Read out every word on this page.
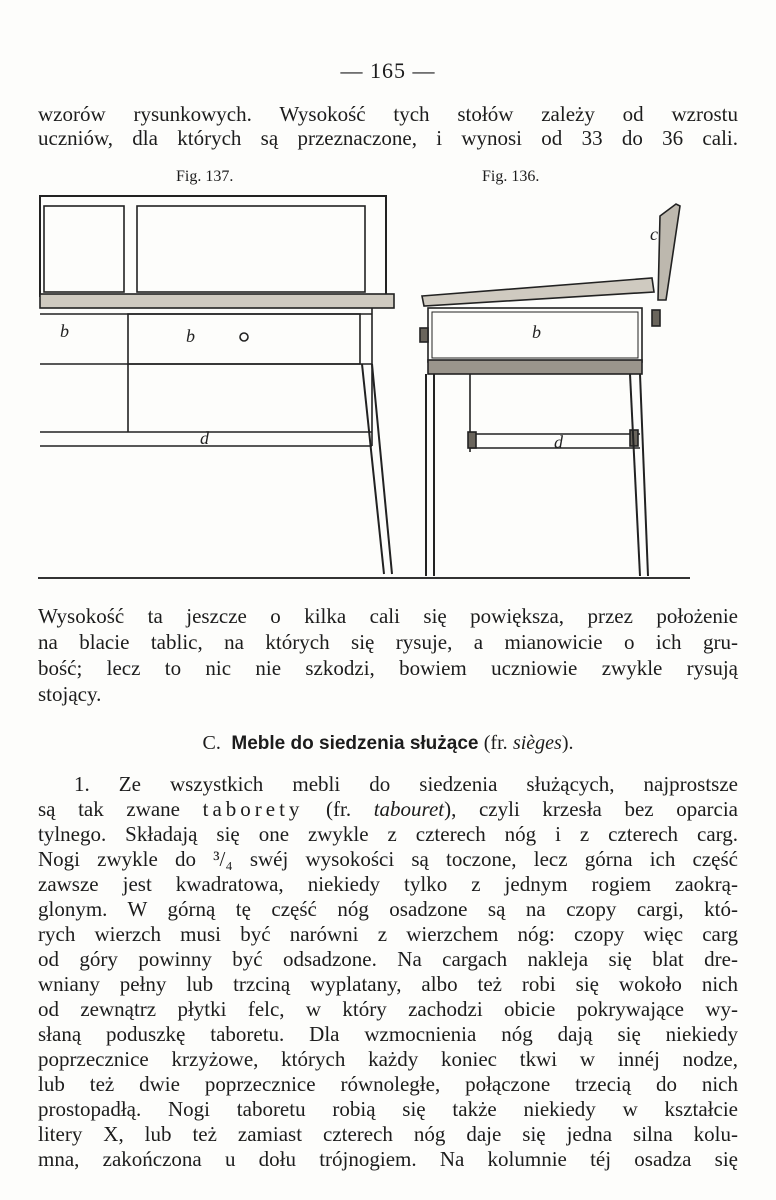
— 165 —
wzorów rysunkowych. Wysokość tych stołów zależy od wzrostu
uczniów, dla których są przeznaczone, i wynosi od 33 do 36 cali.
Fig. 137.	Fig. 136.
b	b
d
b
d
c
Wysokość ta jeszcze o kilka cali się powiększa, przez położenie
na blacie tablic, na których się rysuje, a mianowicie o ich gru-
bość; lecz to nic nie szkodzi, bowiem uczniowie zwykle rysują
stojący.
C. Meble do siedzenia służące (fr. sièges).
1. Ze wszystkich mebli do siedzenia służących, najprostsze
są tak zwane taborety (fr. tabouret), czyli krzesła bez oparcia
tylnego. Składają się one zwykle z czterech nóg i z czterech carg.
Nogi zwykle do ³/₄ swéj wysokości są toczone, lecz górna ich część
zawsze jest kwadratowa, niekiedy tylko z jednym rogiem zaokrą-
glonym. W górną tę część nóg osadzone są na czopy cargi, któ-
rych wierzch musi być narówni z wierzchem nóg: czopy więc carg
od góry powinny być odsadzone. Na cargach nakleja się blat dre-
wniany pełny lub trzciną wyplatany, albo też robi się wokoło nich
od zewnątrz płytki felc, w który zachodzi obicie pokrywające wy-
słaną poduszkę taboretu. Dla wzmocnienia nóg dają się niekiedy
poprzecznice krzyżowe, których każdy koniec tkwi w innéj nodze,
lub też dwie poprzecznice równoległe, połączone trzecią do nich
prostopadłą. Nogi taboretu robią się także niekiedy w kształcie
litery X, lub też zamiast czterech nóg daje się jedna silna kolu-
mna, zakończona u dołu trójnogiem. Na kolumnie téj osadza się
